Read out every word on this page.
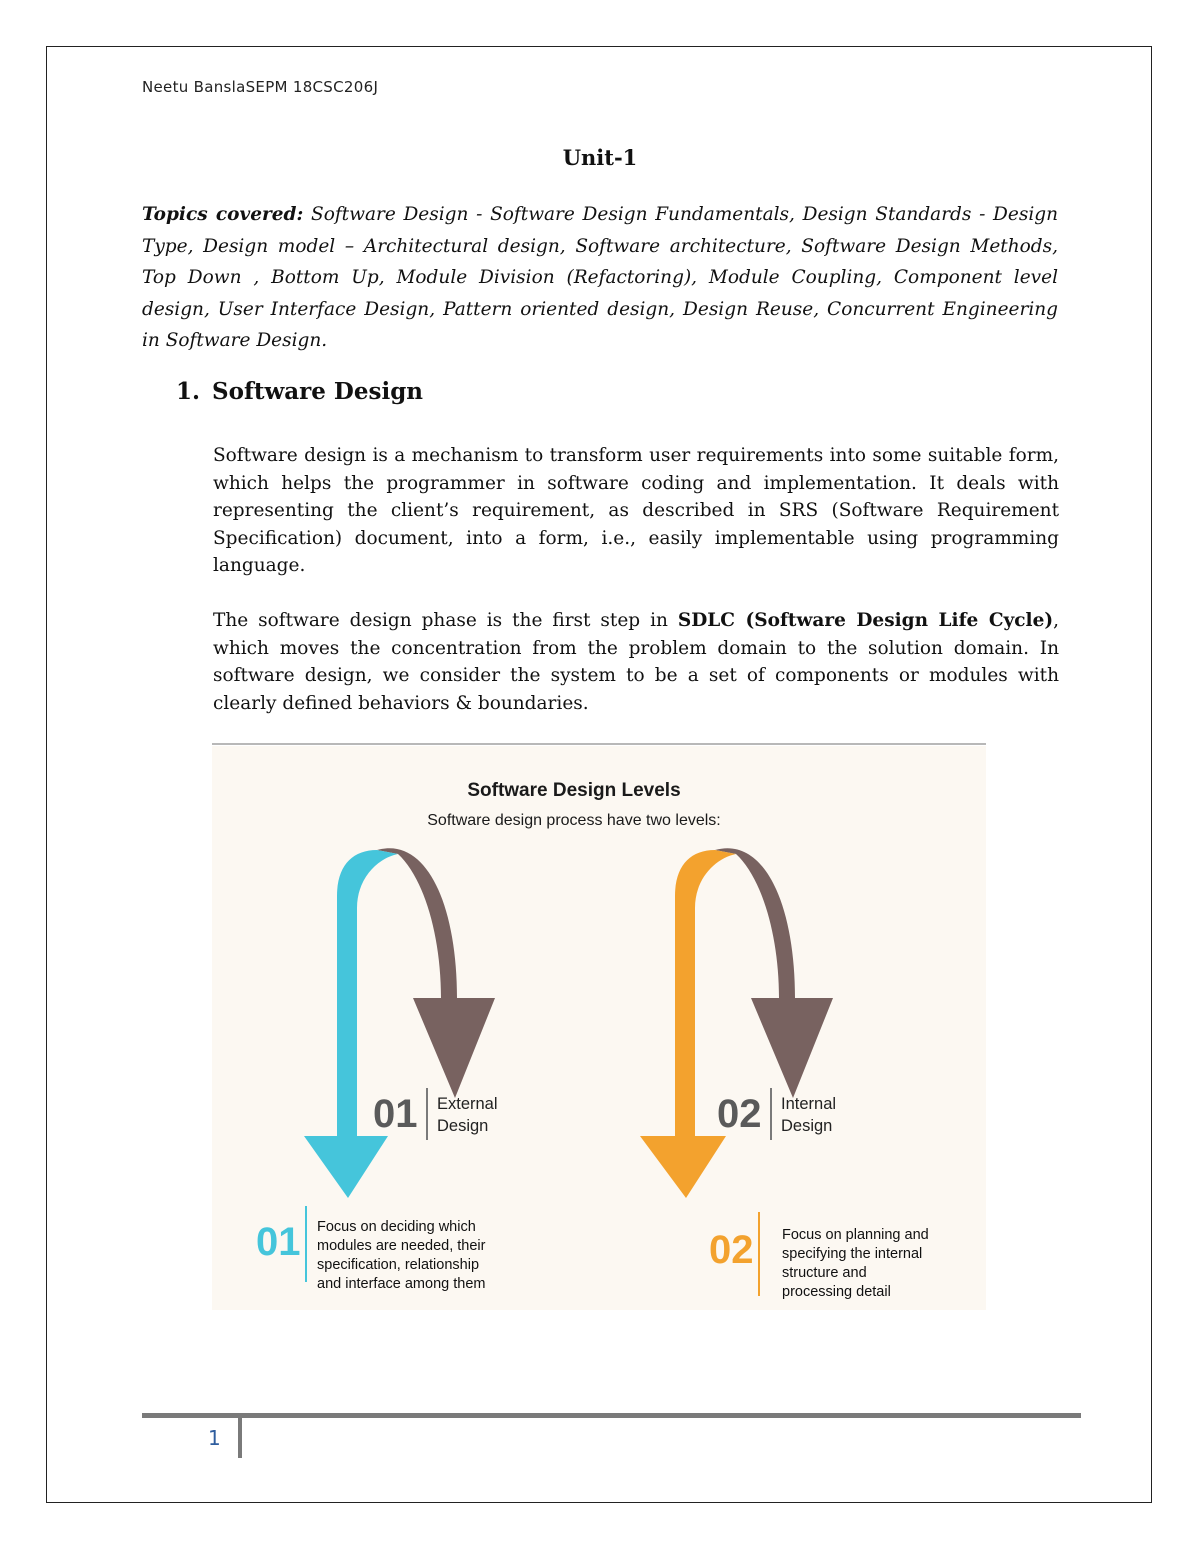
Neetu BanslaSEPM 18CSC206J
Unit-1
Topics covered: Software Design - Software Design Fundamentals, Design Standards - Design Type, Design model – Architectural design, Software architecture, Software Design Methods, Top Down , Bottom Up, Module Division (Refactoring), Module Coupling, Component level design, User Interface Design, Pattern oriented design, Design Reuse, Concurrent Engineering in Software Design.
1. Software Design
Software design is a mechanism to transform user requirements into some suitable form, which helps the programmer in software coding and implementation. It deals with representing the client’s requirement, as described in SRS (Software Requirement Specification) document, into a form, i.e., easily implementable using programming language.
The software design phase is the first step in SDLC (Software Design Life Cycle), which moves the concentration from the problem domain to the solution domain. In software design, we consider the system to be a set of components or modules with clearly defined behaviors & boundaries.
Software Design Levels
Software design process have two levels:
01 External
Design	02 Internal
Design
01 Focus on deciding which
modules are needed, their
specification, relationship
and interface among them
02 Focus on planning and
specifying the internal
structure and
processing detail
1
